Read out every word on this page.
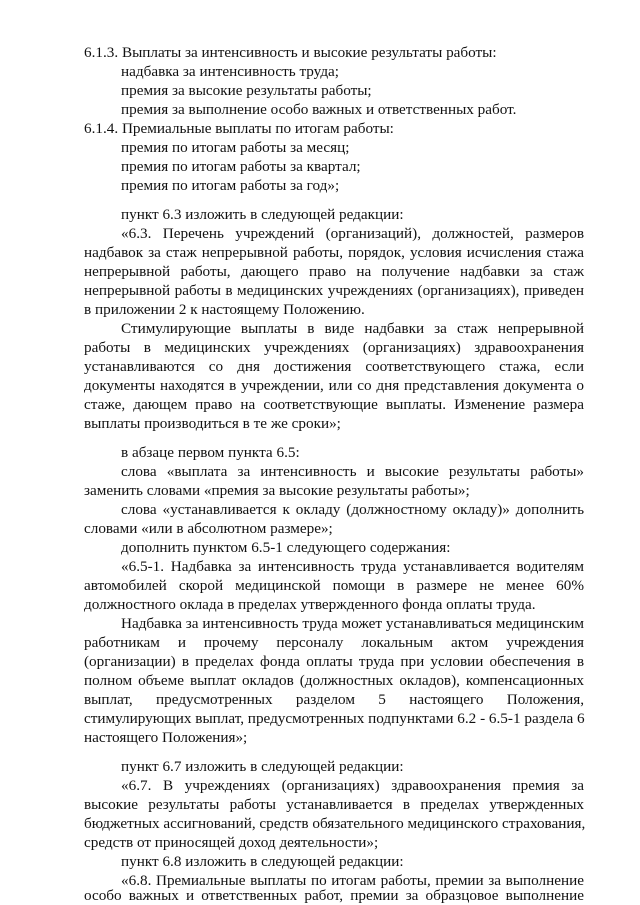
6.1.3. Выплаты за интенсивность и высокие результаты работы:
надбавка за интенсивность труда;
премия за высокие результаты работы;
премия за выполнение особо важных и ответственных работ.
6.1.4. Премиальные выплаты по итогам работы:
премия по итогам работы за месяц;
премия по итогам работы за квартал;
премия по итогам работы за год»;
пункт 6.3 изложить в следующей редакции:
«6.3. Перечень учреждений (организаций), должностей, размеров
надбавок за стаж непрерывной работы, порядок, условия исчисления стажа
непрерывной работы, дающего право на получение надбавки за стаж
непрерывной работы в медицинских учреждениях (организациях), приведен
в приложении 2 к настоящему Положению.
Стимулирующие выплаты в виде надбавки за стаж непрерывной
работы в медицинских учреждениях (организациях) здравоохранения
устанавливаются со дня достижения соответствующего стажа, если
документы находятся в учреждении, или со дня представления документа о
стаже, дающем право на соответствующие выплаты. Изменение размера
выплаты производиться в те же сроки»;
в абзаце первом пункта 6.5:
слова «выплата за интенсивность и высокие результаты работы»
заменить словами «премия за высокие результаты работы»;
слова «устанавливается к окладу (должностному окладу)» дополнить
словами «или в абсолютном размере»;
дополнить пунктом 6.5-1 следующего содержания:
«6.5-1. Надбавка за интенсивность труда устанавливается водителям
автомобилей скорой медицинской помощи в размере не менее 60%
должностного оклада в пределах утвержденного фонда оплаты труда.
Надбавка за интенсивность труда может устанавливаться медицинским
работникам и прочему персоналу локальным актом учреждения
(организации) в пределах фонда оплаты труда при условии обеспечения в
полном объеме выплат окладов (должностных окладов), компенсационных
выплат, предусмотренных разделом 5 настоящего Положения,
стимулирующих выплат, предусмотренных подпунктами 6.2 - 6.5-1 раздела 6
настоящего Положения»;
пункт 6.7 изложить в следующей редакции:
«6.7. В учреждениях (организациях) здравоохранения премия за
высокие результаты работы устанавливается в пределах утвержденных
бюджетных ассигнований, средств обязательного медицинского страхования,
средств от приносящей доход деятельности»;
пункт 6.8 изложить в следующей редакции:
«6.8. Премиальные выплаты по итогам работы, премии за выполнение
особо важных и ответственных работ, премии за образцовое выполнение
